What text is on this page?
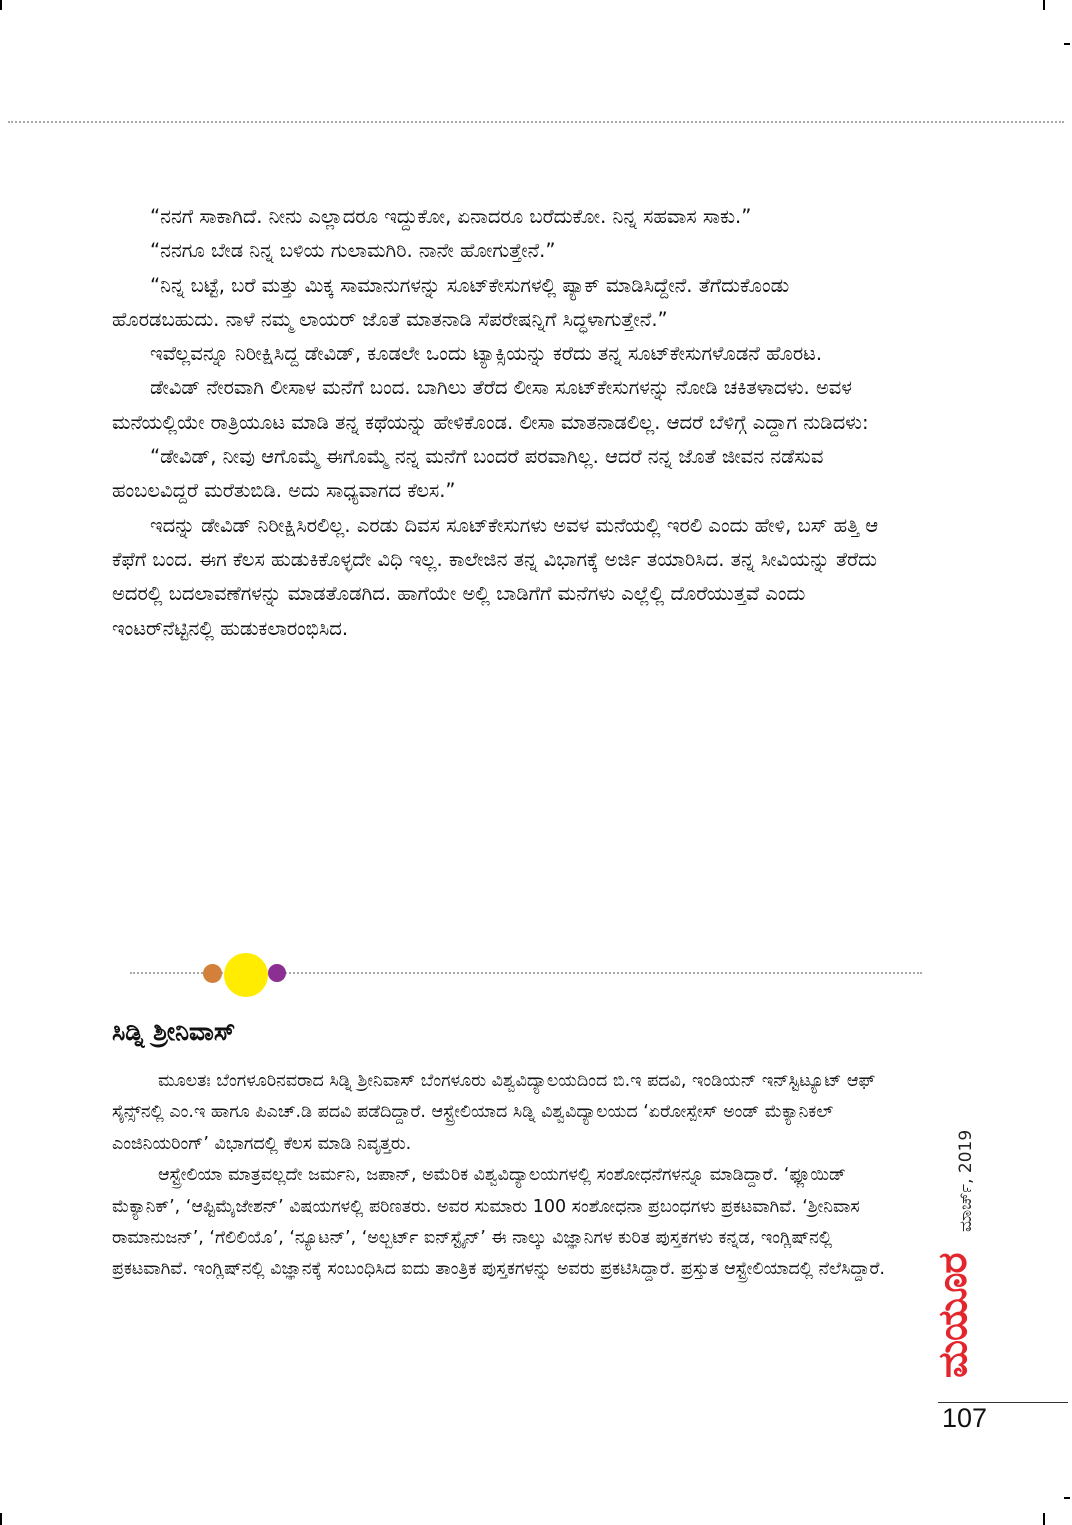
“ನನಗೆ ಸಾಕಾಗಿದೆ. ನೀನು ಎಲ್ಲಾದರೂ ಇದ್ದುಕೋ, ಏನಾದರೂ ಬರೆದುಕೋ. ನಿನ್ನ ಸಹವಾಸ ಸಾಕು.”

“ನನಗೂ ಬೇಡ ನಿನ್ನ ಬಳಿಯ ಗುಲಾಮಗಿರಿ. ನಾನೇ ಹೋಗುತ್ತೇನೆ.”

“ನಿನ್ನ ಬಟ್ಟೆ, ಬರೆ ಮತ್ತು ಮಿಕ್ಕ ಸಾಮಾನುಗಳನ್ನು ಸೂಟ್‌ಕೇಸುಗಳಲ್ಲಿ ಪ್ಯಾಕ್ ಮಾಡಿಸಿದ್ದೇನೆ. ತೆಗೆದುಕೊಂಡು ಹೊರಡಬಹುದು. ನಾಳೆ ನಮ್ಮ ಲಾಯರ್ ಜೊತೆ ಮಾತನಾಡಿ ಸೆಪರೇಷನ್ನಿಗೆ ಸಿದ್ಧಳಾಗುತ್ತೇನೆ.”

ಇವೆಲ್ಲವನ್ನೂ ನಿರೀಕ್ಷಿಸಿದ್ದ ಡೇವಿಡ್, ಕೂಡಲೇ ಒಂದು ಟ್ಯಾಕ್ಸಿಯನ್ನು ಕರೆದು ತನ್ನ ಸೂಟ್‌ಕೇಸುಗಳೊಡನೆ ಹೊರಟ.

ಡೇವಿಡ್ ನೇರವಾಗಿ ಲೀಸಾಳ ಮನೆಗೆ ಬಂದ. ಬಾಗಿಲು ತೆರೆದ ಲೀಸಾ ಸೂಟ್‌ಕೇಸುಗಳನ್ನು ನೋಡಿ ಚಕಿತಳಾದಳು. ಅವಳ ಮನೆಯಲ್ಲಿಯೇ ರಾತ್ರಿಯೂಟ ಮಾಡಿ ತನ್ನ ಕಥೆಯನ್ನು ಹೇಳಿಕೊಂಡ. ಲೀಸಾ ಮಾತನಾಡಲಿಲ್ಲ. ಆದರೆ ಬೆಳಿಗ್ಗೆ ಎದ್ದಾಗ ನುಡಿದಳು:

“ಡೇವಿಡ್, ನೀವು ಆಗೊಮ್ಮೆ ಈಗೊಮ್ಮೆ ನನ್ನ ಮನೆಗೆ ಬಂದರೆ ಪರವಾಗಿಲ್ಲ. ಆದರೆ ನನ್ನ ಜೊತೆ ಜೀವನ ನಡೆಸುವ ಹಂಬಲವಿದ್ದರೆ ಮರೆತುಬಿಡಿ. ಅದು ಸಾಧ್ಯವಾಗದ ಕೆಲಸ.”

ಇದನ್ನು ಡೇವಿಡ್ ನಿರೀಕ್ಷಿಸಿರಲಿಲ್ಲ. ಎರಡು ದಿವಸ ಸೂಟ್‌ಕೇಸುಗಳು ಅವಳ ಮನೆಯಲ್ಲಿ ಇರಲಿ ಎಂದು ಹೇಳಿ, ಬಸ್ ಹತ್ತಿ ಆ ಕೆಫೆಗೆ ಬಂದ. ಈಗ ಕೆಲಸ ಹುಡುಕಿಕೊಳ್ಳದೇ ವಿಧಿ ಇಲ್ಲ. ಕಾಲೇಜಿನ ತನ್ನ ವಿಭಾಗಕ್ಕೆ ಅರ್ಜಿ ತಯಾರಿಸಿದ. ತನ್ನ ಸೀವಿಯನ್ನು ತೆರೆದು ಅದರಲ್ಲಿ ಬದಲಾವಣೆಗಳನ್ನು ಮಾಡತೊಡಗಿದ. ಹಾಗೆಯೇ ಅಲ್ಲಿ ಬಾಡಿಗೆಗೆ ಮನೆಗಳು ಎಲ್ಲೆಲ್ಲಿ ದೊರೆಯುತ್ತವೆ ಎಂದು ಇಂಟರ್‌ನೆಟ್ಟಿನಲ್ಲಿ ಹುಡುಕಲಾರಂಭಿಸಿದ.

ಸಿಡ್ನಿ ಶ್ರೀನಿವಾಸ್

ಮೂಲತಃ ಬೆಂಗಳೂರಿನವರಾದ ಸಿಡ್ನಿ ಶ್ರೀನಿವಾಸ್ ಬೆಂಗಳೂರು ವಿಶ್ವವಿದ್ಯಾಲಯದಿಂದ ಬಿ.ಇ ಪದವಿ, ಇಂಡಿಯನ್ ಇನ್‌ಸ್ಟಿಟ್ಯೂಟ್ ಆಫ್ ಸೈನ್ಸ್‌ನಲ್ಲಿ ಎಂ.ಇ ಹಾಗೂ ಪಿಎಚ್.ಡಿ ಪದವಿ ಪಡೆದಿದ್ದಾರೆ. ಆಸ್ಟ್ರೇಲಿಯಾದ ಸಿಡ್ನಿ ವಿಶ್ವವಿದ್ಯಾಲಯದ ‘ಏರೋಸ್ಪೇಸ್ ಅಂಡ್ ಮೆಕ್ಯಾನಿಕಲ್ ಎಂಜಿನಿಯರಿಂಗ್’ ವಿಭಾಗದಲ್ಲಿ ಕೆಲಸ ಮಾಡಿ ನಿವೃತ್ತರು.

ಆಸ್ಟ್ರೇಲಿಯಾ ಮಾತ್ರವಲ್ಲದೇ ಜರ್ಮನಿ, ಜಪಾನ್, ಅಮೆರಿಕ ವಿಶ್ವವಿದ್ಯಾಲಯಗಳಲ್ಲಿ ಸಂಶೋಧನೆಗಳನ್ನೂ ಮಾಡಿದ್ದಾರೆ. ‘ಫ್ಲೂಯಿಡ್ ಮೆಕ್ಯಾನಿಕ್’, ‘ಆಪ್ಟಿಮೈಜೇಶನ್’ ವಿಷಯಗಳಲ್ಲಿ ಪರಿಣತರು. ಅವರ ಸುಮಾರು 100 ಸಂಶೋಧನಾ ಪ್ರಬಂಧಗಳು ಪ್ರಕಟವಾಗಿವೆ. ‘ಶ್ರೀನಿವಾಸ ರಾಮಾನುಜನ್’, ‘ಗೆಲಿಲಿಯೊ’, ‘ನ್ಯೂಟನ್’, ‘ಅಲ್ಬರ್ಟ್ ಐನ್‌ಸ್ಟೈನ್’ ಈ ನಾಲ್ಕು ವಿಜ್ಞಾನಿಗಳ ಕುರಿತ ಪುಸ್ತಕಗಳು ಕನ್ನಡ, ಇಂಗ್ಲಿಷ್‌ನಲ್ಲಿ ಪ್ರಕಟವಾಗಿವೆ. ಇಂಗ್ಲಿಷ್‌ನಲ್ಲಿ ವಿಜ್ಞಾನಕ್ಕೆ ಸಂಬಂಧಿಸಿದ ಐದು ತಾಂತ್ರಿಕ ಪುಸ್ತಕಗಳನ್ನು ಅವರು ಪ್ರಕಟಿಸಿದ್ದಾರೆ. ಪ್ರಸ್ತುತ ಆಸ್ಟ್ರೇಲಿಯಾದಲ್ಲಿ ನೆಲೆಸಿದ್ದಾರೆ.

ಮಾರ್ಚ್, 2019
ಮಯೂರ
107
